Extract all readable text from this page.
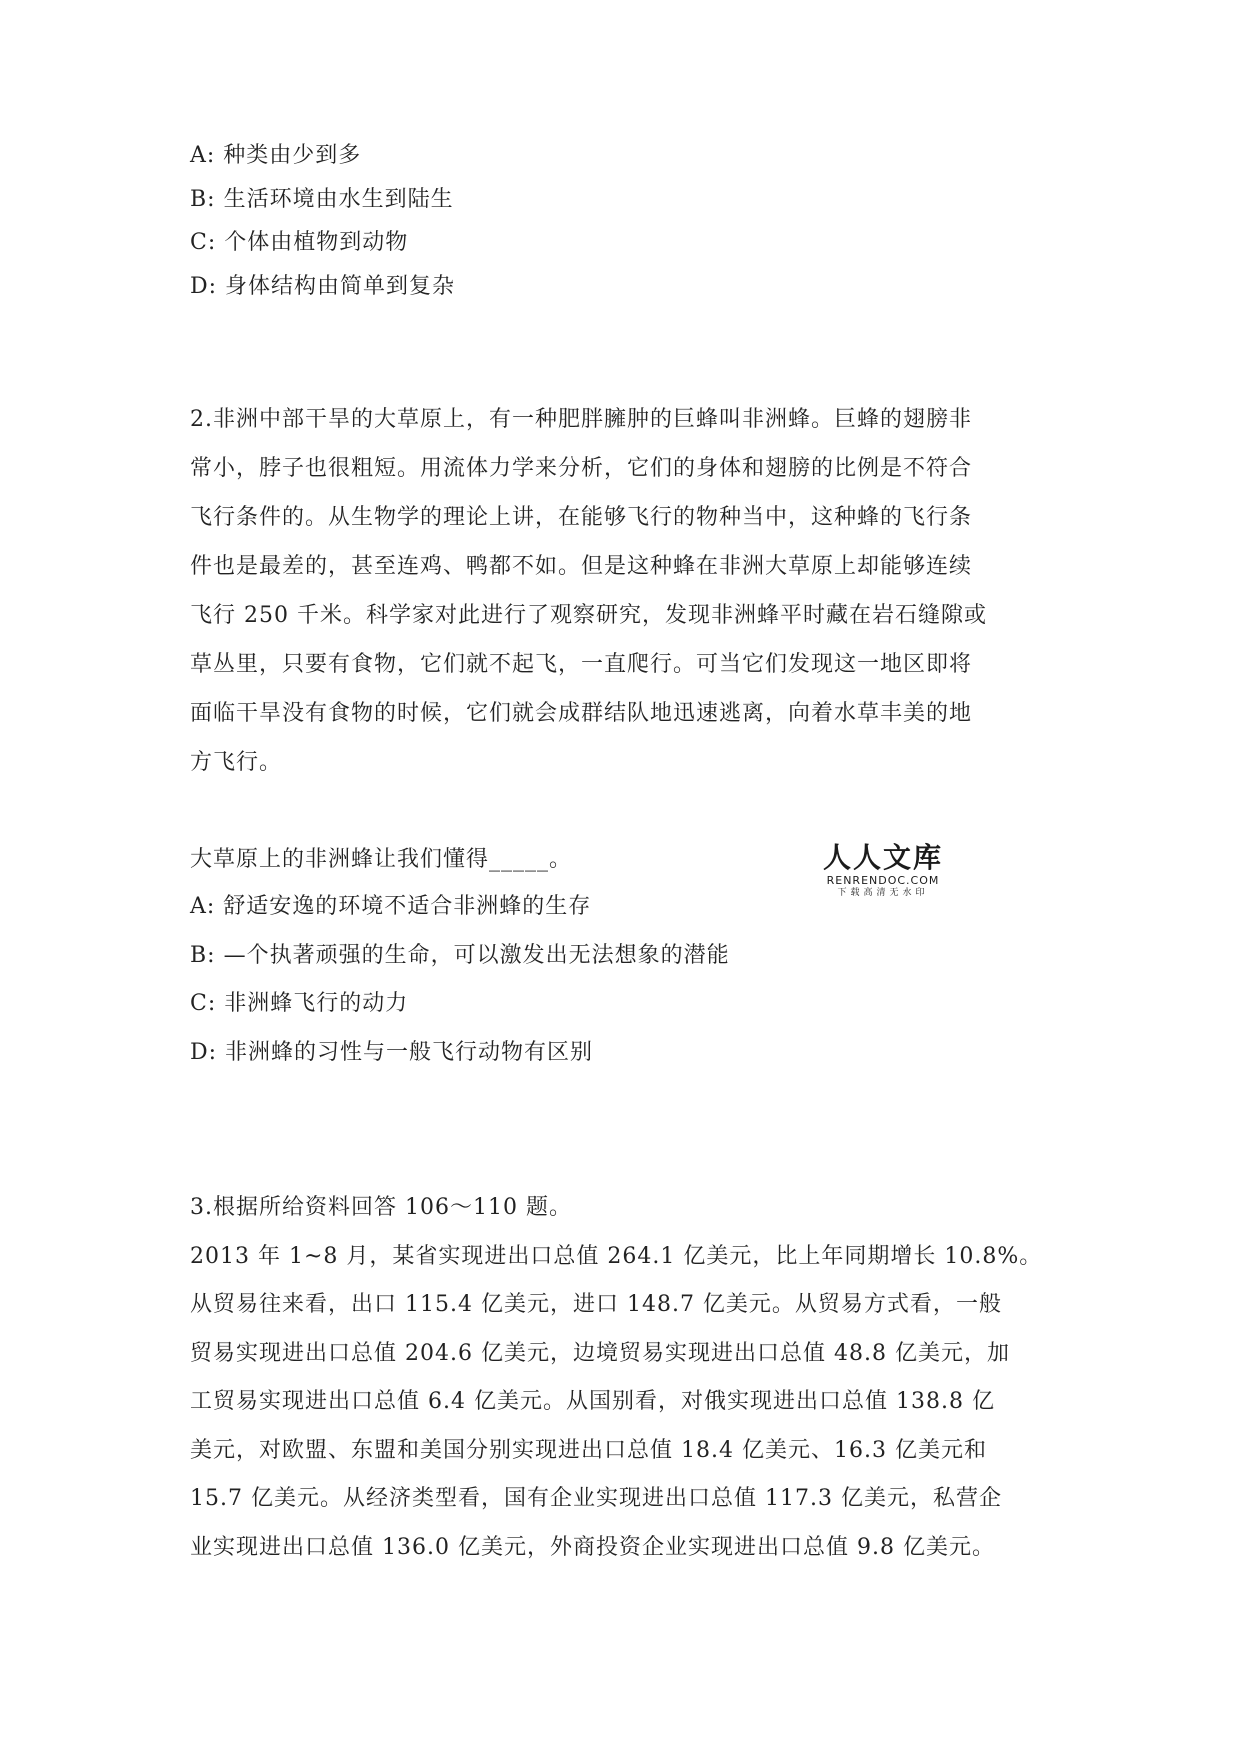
A: 种类由少到多
B: 生活环境由水生到陆生
C: 个体由植物到动物
D: 身体结构由简单到复杂

2.非洲中部干旱的大草原上，有一种肥胖臃肿的巨蜂叫非洲蜂。巨蜂的翅膀非

常小，脖子也很粗短。用流体力学来分析，它们的身体和翅膀的比例是不符合

飞行条件的。从生物学的理论上讲，在能够飞行的物种当中，这种蜂的飞行条

件也是最差的，甚至连鸡、鸭都不如。但是这种蜂在非洲大草原上却能够连续

飞行 250 千米。科学家对此进行了观察研究，发现非洲蜂平时藏在岩石缝隙或

草丛里，只要有食物，它们就不起飞，一直爬行。可当它们发现这一地区即将

面临干旱没有食物的时候，它们就会成群结队地迅速逃离，向着水草丰美的地

方飞行。

大草原上的非洲蜂让我们懂得_____。
A: 舒适安逸的环境不适合非洲蜂的生存
B: —个执著顽强的生命，可以激发出无法想象的潜能
C: 非洲蜂飞行的动力
D: 非洲蜂的习性与一般飞行动物有区别

3.根据所给资料回答 106～110 题。

2013 年 1~8 月，某省实现进出口总值 264.1 亿美元，比上年同期增长 10.8%。

从贸易往来看，出口 115.4 亿美元，进口 148.7 亿美元。从贸易方式看，一般

贸易实现进出口总值 204.6 亿美元，边境贸易实现进出口总值 48.8 亿美元，加

工贸易实现进出口总值 6.4 亿美元。从国别看，对俄实现进出口总值 138.8 亿

美元，对欧盟、东盟和美国分别实现进出口总值 18.4 亿美元、16.3 亿美元和

15.7 亿美元。从经济类型看，国有企业实现进出口总值 117.3 亿美元，私营企

业实现进出口总值 136.0 亿美元，外商投资企业实现进出口总值 9.8 亿美元。

人人文库
RENRENDOC.COM
下载高清无水印
